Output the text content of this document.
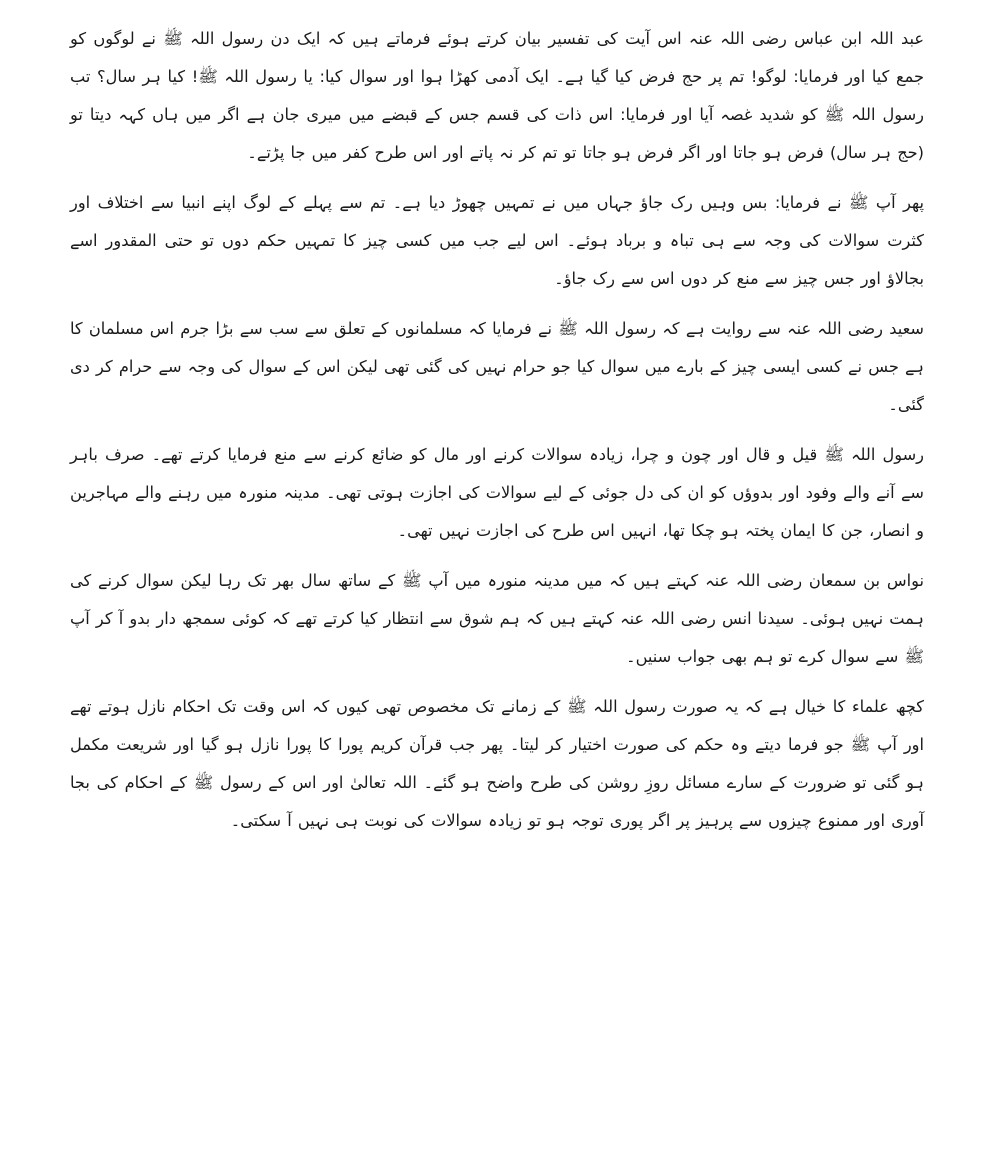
عبد اللہ ابن عباس رضی اللہ عنہ اس آیت کی تفسیر بیان کرتے ہوئے فرماتے ہیں کہ ایک دن رسول اللہ ﷺ نے لوگوں کو جمع کیا اور فرمایا: لوگو! تم پر حج فرض کیا گیا ہے۔ ایک آدمی کھڑا ہوا اور سوال کیا: یا رسول اللہ ﷺ! کیا ہر سال؟ تب رسول اللہ ﷺ کو شدید غصہ آیا اور فرمایا: اس ذات کی قسم جس کے قبضے میں میری جان ہے اگر میں ہاں کہہ دیتا تو (حج ہر سال) فرض ہو جاتا اور اگر فرض ہو جاتا تو تم کر نہ پاتے اور اس طرح کفر میں جا پڑتے۔

پھر آپ ﷺ نے فرمایا: بس وہیں رک جاؤ جہاں میں نے تمہیں چھوڑ دیا ہے۔ تم سے پہلے کے لوگ اپنے انبیا سے اختلاف اور کثرت سوالات کی وجہ سے ہی تباہ و برباد ہوئے۔ اس لیے جب میں کسی چیز کا تمہیں حکم دوں تو حتی المقدور اسے بجالاؤ اور جس چیز سے منع کر دوں اس سے رک جاؤ۔

سعید رضی اللہ عنہ سے روایت ہے کہ رسول اللہ ﷺ نے فرمایا کہ مسلمانوں کے تعلق سے سب سے بڑا جرم اس مسلمان کا ہے جس نے کسی ایسی چیز کے بارے میں سوال کیا جو حرام نہیں کی گئی تھی لیکن اس کے سوال کی وجہ سے حرام کر دی گئی۔

رسول اللہ ﷺ قیل و قال اور چون و چرا، زیادہ سوالات کرنے اور مال کو ضائع کرنے سے منع فرمایا کرتے تھے۔ صرف باہر سے آنے والے وفود اور بدوؤں کو ان کی دل جوئی کے لیے سوالات کی اجازت ہوتی تھی۔ مدینہ منورہ میں رہنے والے مہاجرین و انصار، جن کا ایمان پختہ ہو چکا تھا، انہیں اس طرح کی اجازت نہیں تھی۔

نواس بن سمعان رضی اللہ عنہ کہتے ہیں کہ میں مدینہ منورہ میں آپ ﷺ کے ساتھ سال بھر تک رہا لیکن سوال کرنے کی ہمت نہیں ہوئی۔ سیدنا انس رضی اللہ عنہ کہتے ہیں کہ ہم شوق سے انتظار کیا کرتے تھے کہ کوئی سمجھ دار بدو آ کر آپ ﷺ سے سوال کرے تو ہم بھی جواب سنیں۔

کچھ علماء کا خیال ہے کہ یہ صورت رسول اللہ ﷺ کے زمانے تک مخصوص تھی کیوں کہ اس وقت تک احکام نازل ہوتے تھے اور آپ ﷺ جو فرما دیتے وہ حکم کی صورت اختیار کر لیتا۔ پھر جب قرآن کریم پورا کا پورا نازل ہو گیا اور شریعت مکمل ہو گئی تو ضرورت کے سارے مسائل روزِ روشن کی طرح واضح ہو گئے۔ اللہ تعالیٰ اور اس کے رسول ﷺ کے احکام کی بجا آوری اور ممنوع چیزوں سے پرہیز پر اگر پوری توجہ ہو تو زیادہ سوالات کی نوبت ہی نہیں آ سکتی۔
